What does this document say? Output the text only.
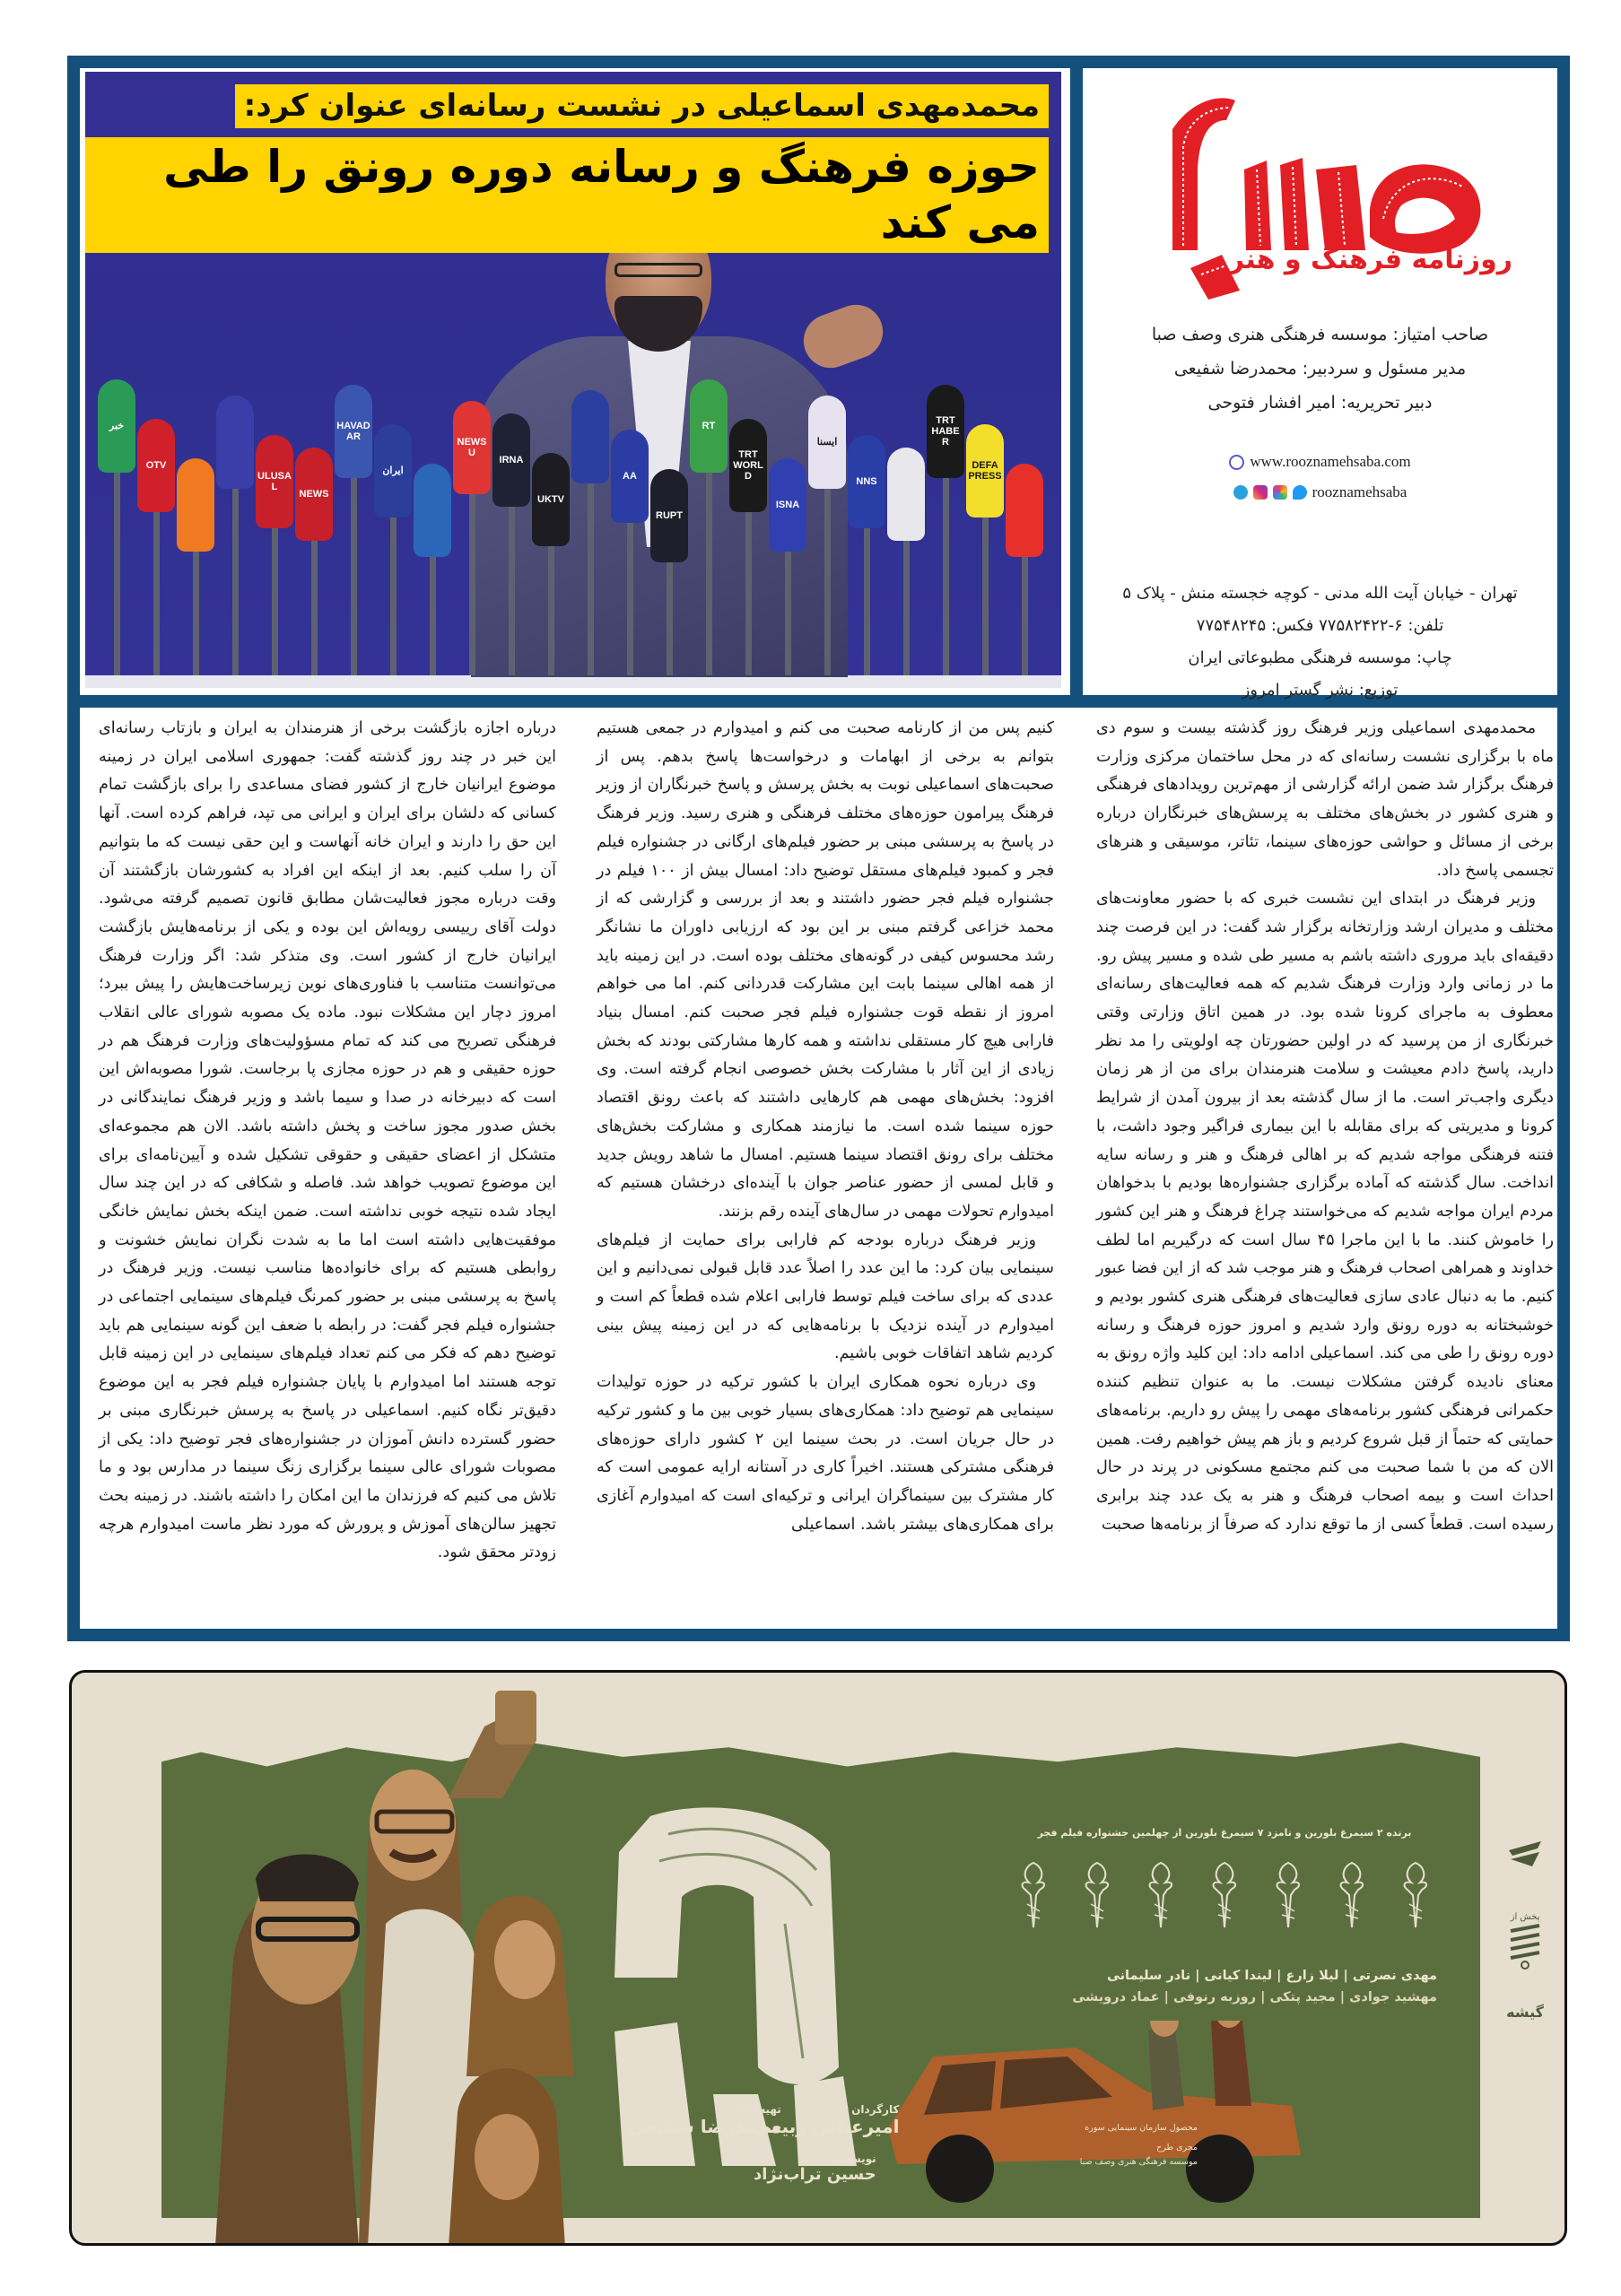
محمدمهدی اسماعیلی در نشست رسانه‌ای عنوان کرد:
حوزه فرهنگ و رسانه دوره رونق را طی می کند
خبر
OTV
ULUSAL
NEWS
HAVADAR
ایران
NEWS U
IRNA
UKTV
AA
RUPT
RT
TRT WORLD
ISNA
ایسنا
NNS
TRT HABER
DEFA PRESS
روزنامه فرهنگ و هنر
صاحب امتیاز: موسسه فرهنگی هنری وصف صبا
مدیر مسئول و سردبیر: محمدرضا شفیعی
دبیر تحریریه: امیر افشار فتوحی
www.rooznamehsaba.com
rooznamehsaba
تهران - خیابان آیت الله مدنی - کوچه خجسته منش - پلاک ۵
تلفن: ۶-۷۷۵۸۲۴۲۲ فکس: ۷۷۵۴۸۲۴۵
چاپ: موسسه فرهنگی مطبوعاتی ایران
توزیع: نشر گستر امروز

محمدمهدی اسماعیلی وزیر فرهنگ روز گذشته بیست و سوم دی ماه با برگزاری نشست رسانه‌ای که در محل ساختمان مرکزی وزارت فرهنگ برگزار شد ضمن ارائه گزارشی از مهم‌ترین رویدادهای فرهنگی و هنری کشور در بخش‌های مختلف به پرسش‌های خبرنگاران درباره برخی از مسائل و حواشی حوزه‌های سینما، تئاتر، موسیقی و هنرهای تجسمی پاسخ داد.

وزیر فرهنگ در ابتدای این نشست خبری که با حضور معاونت‌های مختلف و مدیران ارشد وزارتخانه برگزار شد گفت: در این فرصت چند دقیقه‌ای باید مروری داشته باشم به مسیر طی شده و مسیر پیش رو. ما در زمانی وارد وزارت فرهنگ شدیم که همه فعالیت‌های رسانه‌ای معطوف به ماجرای کرونا شده بود. در همین اتاق وزارتی وقتی خبرنگاری از من پرسید که در اولین حضورتان چه اولویتی را مد نظر دارید، پاسخ دادم معیشت و سلامت هنرمندان برای من از هر زمان دیگری واجب‌تر است. ما از سال گذشته بعد از بیرون آمدن از شرایط کرونا و مدیریتی که برای مقابله با این بیماری فراگیر وجود داشت، با فتنه فرهنگی مواجه شدیم که بر اهالی فرهنگ و هنر و رسانه سایه انداخت. سال گذشته که آماده برگزاری جشنواره‌ها بودیم با بدخواهان مردم ایران مواجه شدیم که می‌خواستند چراغ فرهنگ و هنر این کشور را خاموش کنند. ما با این ماجرا ۴۵ سال است که درگیریم اما لطف خداوند و همراهی اصحاب فرهنگ و هنر موجب شد که از این فضا عبور کنیم. ما به دنبال عادی سازی فعالیت‌های فرهنگی هنری کشور بودیم و خوشبختانه به دوره رونق وارد شدیم و امروز حوزه فرهنگ و رسانه دوره رونق را طی می کند. اسماعیلی ادامه داد: این کلید واژه رونق به معنای نادیده گرفتن مشکلات نیست. ما به عنوان تنظیم کننده حکمرانی فرهنگی کشور برنامه‌های مهمی را پیش رو داریم. برنامه‌های حمایتی که حتماً از قبل شروع کردیم و باز هم پیش خواهیم رفت. همین الان که من با شما صحبت می کنم مجتمع مسکونی در پرند در حال احداث است و بیمه اصحاب فرهنگ و هنر به یک عدد چند برابری رسیده است. قطعاً کسی از ما توقع ندارد که صرفاً از برنامه‌ها صحبت

کنیم پس من از کارنامه صحبت می کنم و امیدوارم در جمعی هستیم بتوانم به برخی از ابهامات و درخواست‌ها پاسخ بدهم. پس از صحبت‌های اسماعیلی نوبت به بخش پرسش و پاسخ خبرنگاران از وزیر فرهنگ پیرامون حوزه‌های مختلف فرهنگی و هنری رسید. وزیر فرهنگ در پاسخ به پرسشی مبنی بر حضور فیلم‌های ارگانی در جشنواره فیلم فجر و کمبود فیلم‌های مستقل توضیح داد: امسال بیش از ۱۰۰ فیلم در جشنواره فیلم فجر حضور داشتند و بعد از بررسی و گزارشی که از محمد خزاعی گرفتم مبنی بر این بود که ارزیابی داوران ما نشانگر رشد محسوس کیفی در گونه‌های مختلف بوده است. در این زمینه باید از همه اهالی سینما بابت این مشارکت قدردانی کنم. اما می خواهم امروز از نقطه قوت جشنواره فیلم فجر صحبت کنم. امسال بنیاد فارابی هیچ کار مستقلی نداشته و همه کارها مشارکتی بودند که بخش زیادی از این آثار با مشارکت بخش خصوصی انجام گرفته است. وی افزود: بخش‌های مهمی هم کارهایی داشتند که باعث رونق اقتصاد حوزه سینما شده است. ما نیازمند همکاری و مشارکت بخش‌های مختلف برای رونق اقتصاد سینما هستیم. امسال ما شاهد رویش جدید و قابل لمسی از حضور عناصر جوان با آینده‌ای درخشان هستیم که امیدوارم تحولات مهمی در سال‌های آینده رقم بزنند.

وزیر فرهنگ درباره بودجه کم فارابی برای حمایت از فیلم‌های سینمایی بیان کرد: ما این عدد را اصلاً عدد قابل قبولی نمی‌دانیم و این عددی که برای ساخت فیلم توسط فارابی اعلام شده قطعاً کم است و امیدوارم در آینده نزدیک با برنامه‌هایی که در این زمینه پیش بینی کردیم شاهد اتفاقات خوبی باشیم.

وی درباره نحوه همکاری ایران با کشور ترکیه در حوزه تولیدات سینمایی هم توضیح داد: همکاری‌های بسیار خوبی بین ما و کشور ترکیه در حال جریان است. در بحث سینما این ۲ کشور دارای حوزه‌های فرهنگی مشترکی هستند. اخیراً کاری در آستانه ارایه عمومی است که کار مشترک بین سینماگران ایرانی و ترکیه‌ای است که امیدوارم آغازی برای همکاری‌های بیشتر باشد. اسماعیلی

درباره اجازه بازگشت برخی از هنرمندان به ایران و بازتاب رسانه‌ای این خبر در چند روز گذشته گفت: جمهوری اسلامی ایران در زمینه موضوع ایرانیان خارج از کشور فضای مساعدی را برای بازگشت تمام کسانی که دلشان برای ایران و ایرانی می تپد، فراهم کرده است. آنها این حق را دارند و ایران خانه آنهاست و این حقی نیست که ما بتوانیم آن را سلب کنیم. بعد از اینکه این افراد به کشورشان بازگشتند آن وقت درباره مجوز فعالیت‌شان مطابق قانون تصمیم گرفته می‌شود. دولت آقای رییسی رویه‌اش این بوده و یکی از برنامه‌هایش بازگشت ایرانیان خارج از کشور است. وی متذکر شد: اگر وزارت فرهنگ می‌توانست متناسب با فناوری‌های نوین زیرساخت‌هایش را پیش ببرد؛ امروز دچار این مشکلات نبود. ماده یک مصوبه شورای عالی انقلاب فرهنگی تصریح می کند که تمام مسؤولیت‌های وزارت فرهنگ هم در حوزه حقیقی و هم در حوزه مجازی پا برجاست. شورا مصوبه‌اش این است که دبیرخانه در صدا و سیما باشد و وزیر فرهنگ نمایندگانی در بخش صدور مجوز ساخت و پخش داشته باشد. الان هم مجموعه‌ای متشکل از اعضای حقیقی و حقوقی تشکیل شده و آیین‌نامه‌ای برای این موضوع تصویب خواهد شد. فاصله و شکافی که در این چند سال ایجاد شده نتیجه خوبی نداشته است. ضمن اینکه بخش نمایش خانگی موفقیت‌هایی داشته است اما ما به شدت نگران نمایش خشونت و روابطی هستیم که برای خانواده‌ها مناسب نیست. وزیر فرهنگ در پاسخ به پرسشی مبنی بر حضور کمرنگ فیلم‌های سینمایی اجتماعی در جشنواره فیلم فجر گفت: در رابطه با ضعف این گونه سینمایی هم باید توضیح دهم که فکر می کنم تعداد فیلم‌های سینمایی در این زمینه قابل توجه هستند اما امیدوارم با پایان جشنواره فیلم فجر به این موضوع دقیق‌تر نگاه کنیم. اسماعیلی در پاسخ به پرسش خبرنگاری مبنی بر حضور گسترده دانش آموزان در جشنواره‌های فجر توضیح داد: یکی از مصوبات شورای عالی سینما برگزاری زنگ سینما در مدارس بود و ما تلاش می کنیم که فرزندان ما این امکان را داشته باشند. در زمینه بحث تجهیز سالن‌های آموزش و پرورش که مورد نظر ماست امیدوارم هرچه زودتر محقق شود.

برنده ۲ سیمرغ بلورین و نامزد ۷ سیمرغ بلورین از چهلمین جشنواره فیلم فجر
مهدی نصرتی | لیلا زارع | لیندا کیانی | نادر سلیمانی
مهشید جوادی | مجید پتکی | روزبه رنوفی | عماد درویشی
محصول سازمان سینمایی سوره
مجری طرح
موسسه فرهنگی هنری وصف صبا
کارگردان
امیرعباس ربیعی
تهیه‌کننده
محمدرضا شفیعی
نویسنده
حسین تراب‌نژاد
پخش از
گیشه
